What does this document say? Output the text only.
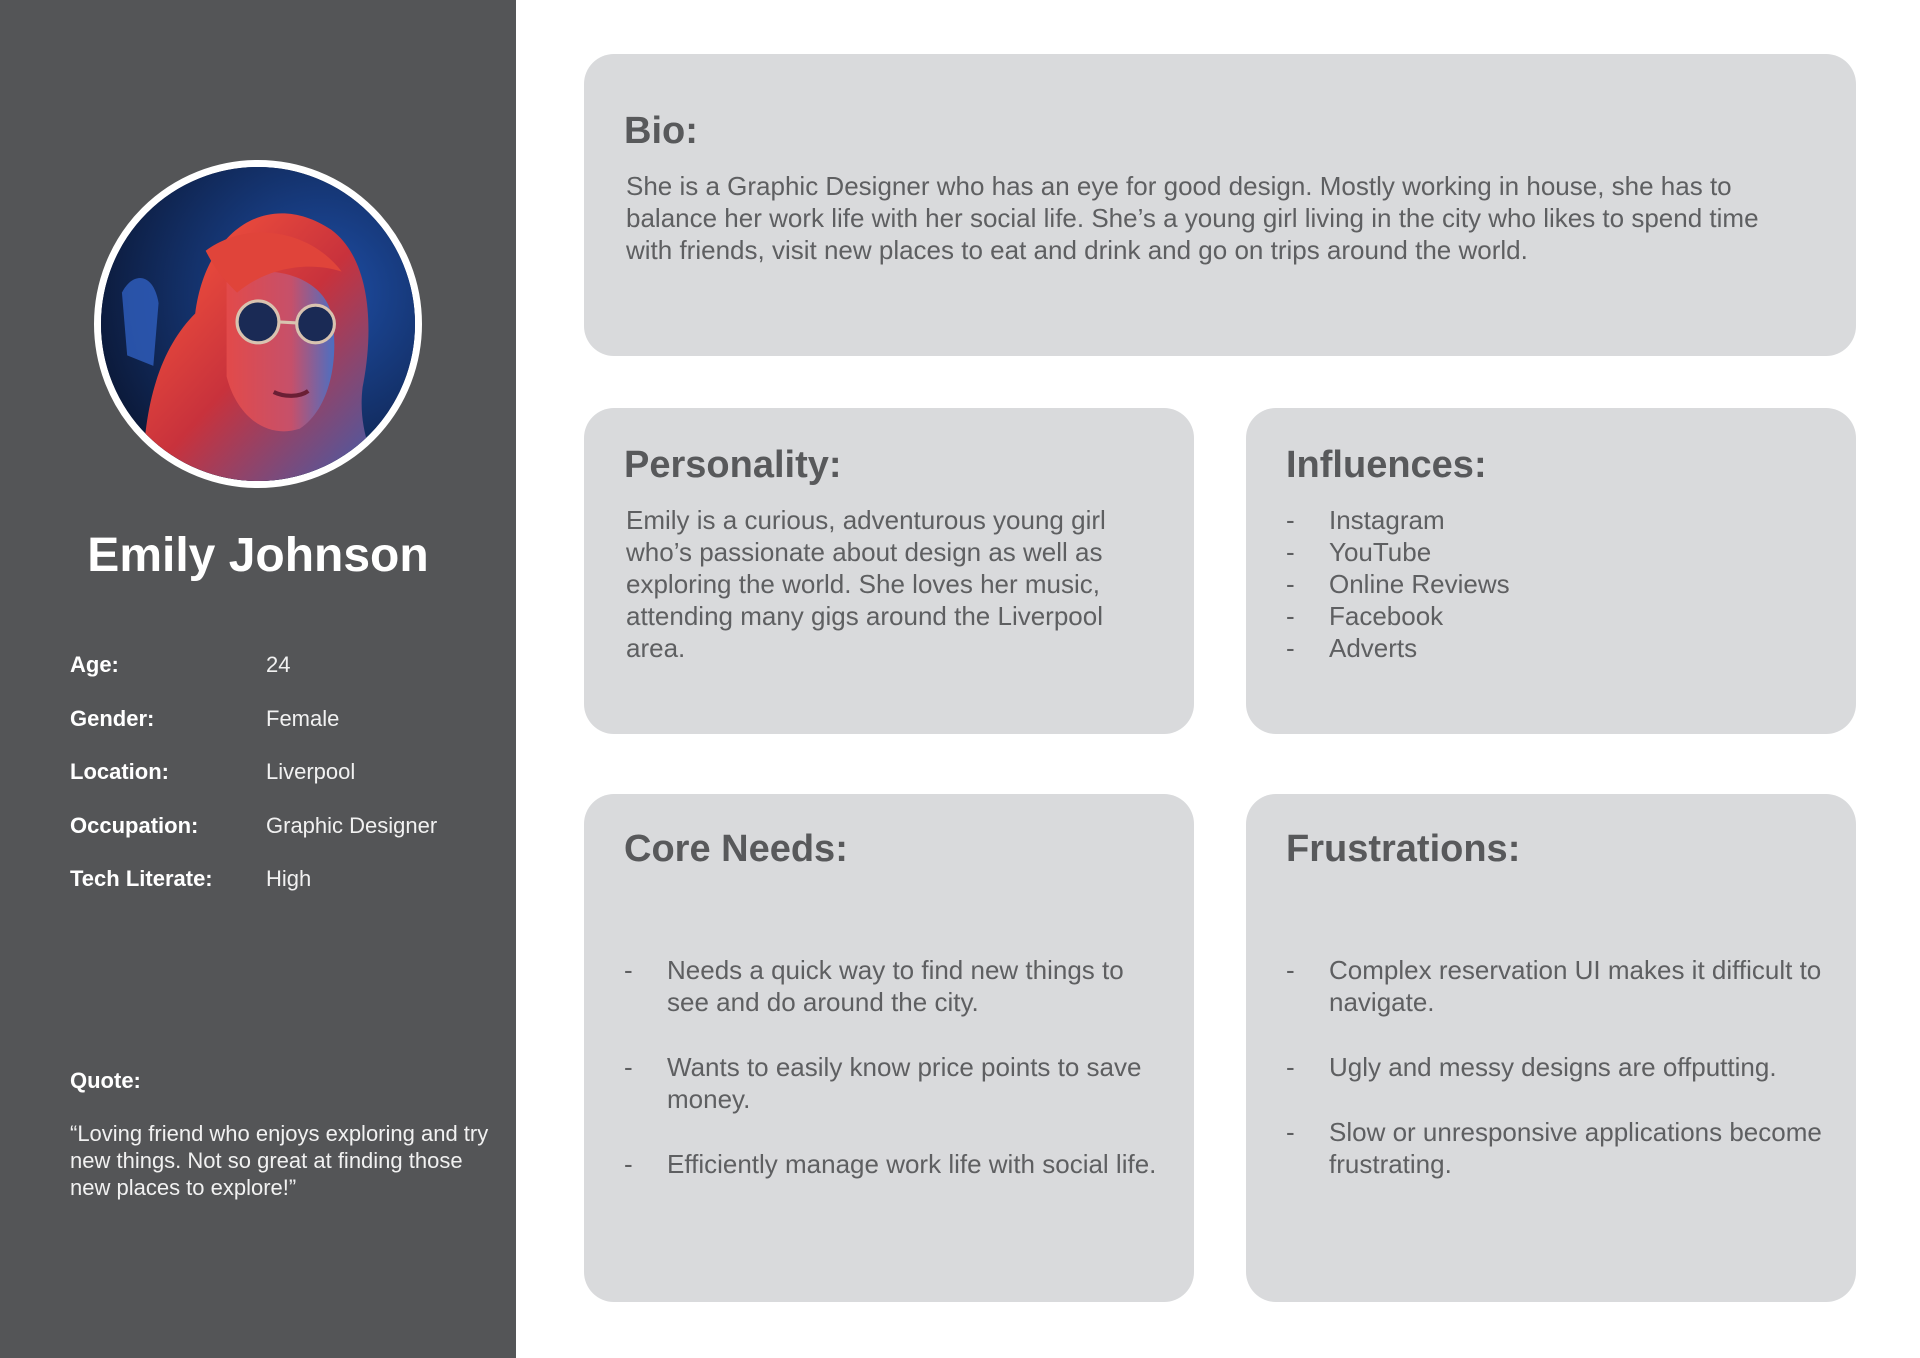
Emily Johnson
Age:	24
Gender:	Female
Location:	Liverpool
Occupation:	Graphic Designer
Tech Literate:	High
Quote:
“Loving friend who enjoys exploring and try new things. Not so great at finding those new places to explore!”
Bio:
She is a Graphic Designer who has an eye for good design. Mostly working in house, she has to balance her work life with her social life. She’s a young girl living in the city who likes to spend time with friends, visit new places to eat and drink and go on trips around the world.
Personality:
Emily is a curious, adventurous young girl who’s passionate about design as well as exploring the world. She loves her music, attending many gigs around the Liverpool area.
Influences:
-	Instagram
-	YouTube
-	Online Reviews
-	Facebook
-	Adverts
Core Needs:
-	Needs a quick way to find new things to see and do around the city.
-	Wants to easily know price points to save money.
-	Efficiently manage work life with social life.
Frustrations:
-	Complex reservation UI makes it difficult to navigate.
-	Ugly and messy designs are offputting.
-	Slow or unresponsive applications become frustrating.
